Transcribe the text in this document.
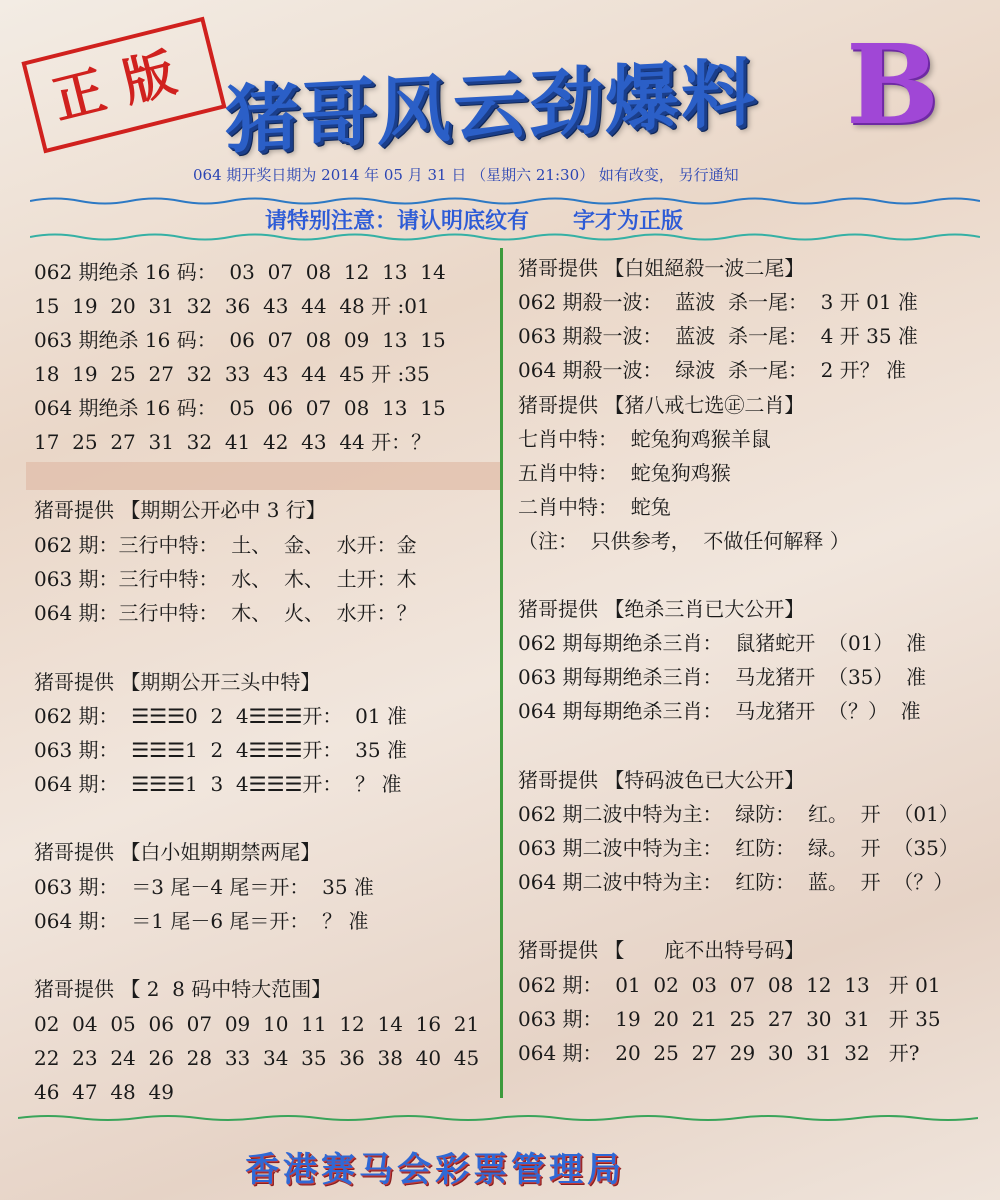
正版 猪哥风云劲爆料 B
064 期开奖日期为 2014 年 05 月 31 日 （星期六 21:30） 如有改变， 另行通知
请特别注意：请认明底纹有　　字才为正版
062 期绝杀 16 码：  03  07  08  12  13  14
15  19  20  31  32  36  43  44  48 开 :01
063 期绝杀 16 码：  06  07  08  09  13  15
18  19  25  27  32  33  43  44  45 开 :35
064 期绝杀 16 码：  05  06  07  08  13  15
17  25  27  31  32  41  42  43  44 开：？
猪哥提供 【期期公开必中 3 行】
062 期：三行中特：  土、  金、  水开：金
063 期：三行中特：  水、  木、  土开：木
064 期：三行中特：  木、  火、  水开：？
猪哥提供 【期期公开三头中特】
062 期：  ☰☰☰0  2  4☰☰☰开：  01 准
063 期：  ☰☰☰1  2  4☰☰☰开：  35 准
064 期：  ☰☰☰1  3  4☰☰☰开：  ？ 准
猪哥提供 【白小姐期期禁两尾】
063 期：  ＝3 尾－4 尾＝开：  35 准
064 期：  ＝1 尾－6 尾＝开：  ？ 准
猪哥提供 【 2  8 码中特大范围】
02  04  05  06  07  09  10  11  12  14  16  21
22  23  24  26  28  33  34  35  36  38  40  45
46  47  48  49
猪哥提供 【白姐絕殺一波二尾】
062 期殺一波：  蓝波  杀一尾：  3 开 01 准
063 期殺一波：  蓝波  杀一尾：  4 开 35 准
064 期殺一波：  绿波  杀一尾：  2 开？ 准
猪哥提供 【猪八戒七选㊣二肖】
七肖中特：  蛇兔狗鸡猴羊鼠
五肖中特：  蛇兔狗鸡猴
二肖中特：  蛇兔
（注：  只供参考，  不做任何解释 ）
猪哥提供 【绝杀三肖已大公开】
062 期每期绝杀三肖：  鼠猪蛇开  （01）  准
063 期每期绝杀三肖：  马龙猪开  （35）  准
064 期每期绝杀三肖：  马龙猪开  （？）  准
猪哥提供 【特码波色已大公开】
062 期二波中特为主：  绿防：  红。  开  （01）
063 期二波中特为主：  红防：  绿。  开  （35）
064 期二波中特为主：  红防：  蓝。  开  （？）
猪哥提供 【　　庇不出特号码】
062 期：  01  02  03  07  08  12  13   开 01
063 期：  19  20  21  25  27  30  31   开 35
064 期：  20  25  27  29  30  31  32   开?
香港赛马会彩票管理局
